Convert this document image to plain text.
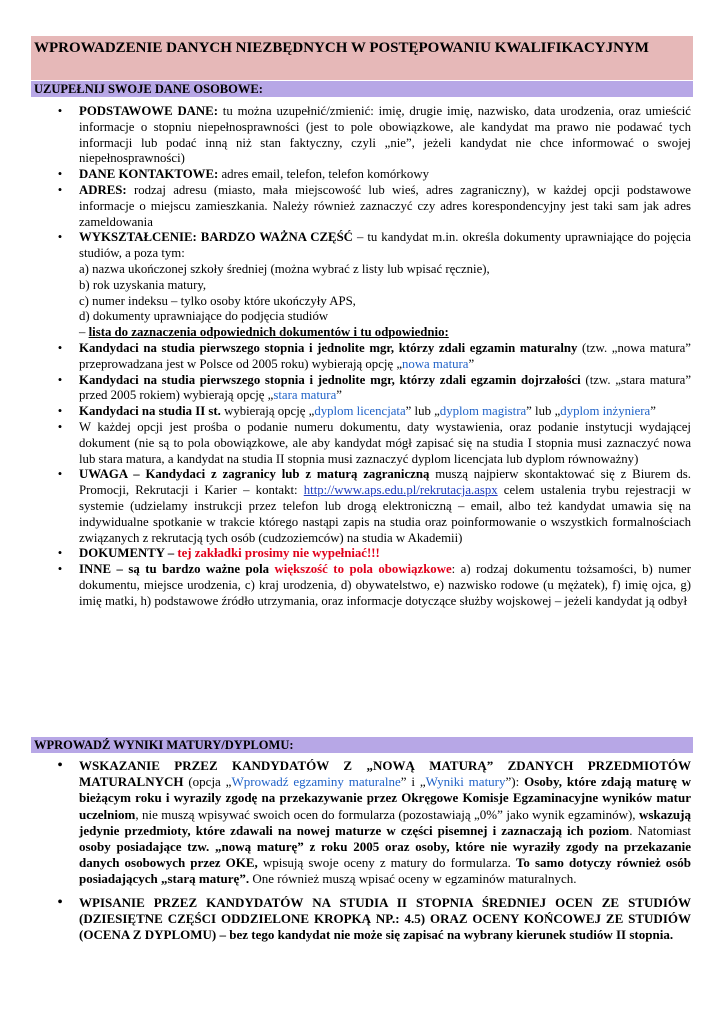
WPROWADZENIE DANYCH NIEZBĘDNYCH W POSTĘPOWANIU KWALIFIKACYJNYM
UZUPEŁNIJ SWOJE DANE OSOBOWE:
•	PODSTAWOWE DANE: tu można uzupełnić/zmienić: imię, drugie imię, nazwisko, data urodzenia, oraz umieścić informacje o stopniu niepełnosprawności (jest to pole obowiązkowe, ale kandydat ma prawo nie podawać tych informacji lub podać inną niż stan faktyczny, czyli „nie”, jeżeli kandydat nie chce informować o swojej niepełnosprawności)
•	DANE KONTAKTOWE: adres email, telefon, telefon komórkowy
•	ADRES: rodzaj adresu (miasto, mała miejscowość lub wieś, adres zagraniczny), w każdej opcji podstawowe informacje o miejscu zamieszkania. Należy również zaznaczyć czy adres korespondencyjny jest taki sam jak adres zameldowania
•	WYKSZTAŁCENIE: BARDZO WAŻNA CZĘŚĆ – tu kandydat m.in. określa dokumenty uprawniające do pojęcia studiów, a poza tym:
a) nazwa ukończonej szkoły średniej (można wybrać z listy lub wpisać ręcznie),
b) rok uzyskania matury,
c) numer indeksu – tylko osoby które ukończyły APS,
d) dokumenty uprawniające do podjęcia studiów
– lista do zaznaczenia odpowiednich dokumentów i tu odpowiednio:
•	Kandydaci na studia pierwszego stopnia i jednolite mgr, którzy zdali egzamin maturalny (tzw. „nowa matura” przeprowadzana jest w Polsce od 2005 roku) wybierają opcję „nowa matura”
•	Kandydaci na studia pierwszego stopnia i jednolite mgr, którzy zdali egzamin dojrzałości (tzw. „stara matura” przed 2005 rokiem) wybierają opcję „stara matura”
•	Kandydaci na studia II st. wybierają opcję „dyplom licencjata” lub „dyplom magistra” lub „dyplom inżyniera”
•	W każdej opcji jest prośba o podanie numeru dokumentu, daty wystawienia, oraz podanie instytucji wydającej dokument (nie są to pola obowiązkowe, ale aby kandydat mógł zapisać się na studia I stopnia musi zaznaczyć nowa lub stara matura, a kandydat na studia II stopnia musi zaznaczyć dyplom licencjata lub dyplom równoważny)
•	UWAGA – Kandydaci z zagranicy lub z maturą zagraniczną muszą najpierw skontaktować się z Biurem ds. Promocji, Rekrutacji i Karier – kontakt: http://www.aps.edu.pl/rekrutacja.aspx celem ustalenia trybu rejestracji w systemie (udzielamy instrukcji przez telefon lub drogą elektroniczną – email, albo też kandydat umawia się na indywidualne spotkanie w trakcie którego nastąpi zapis na studia oraz poinformowanie o wszystkich formalnościach związanych z rekrutacją tych osób (cudzoziemców) na studia w Akademii)
•	DOKUMENTY – tej zakładki prosimy nie wypełniać!!!
•	INNE – są tu bardzo ważne pola większość to pola obowiązkowe: a) rodzaj dokumentu tożsamości, b) numer dokumentu, miejsce urodzenia, c) kraj urodzenia, d) obywatelstwo, e) nazwisko rodowe (u mężatek), f) imię ojca, g) imię matki, h) podstawowe źródło utrzymania, oraz informacje dotyczące służby wojskowej – jeżeli kandydat ją odbył
WPROWADŹ WYNIKI MATURY/DYPLOMU:
•	WSKAZANIE PRZEZ KANDYDATÓW Z „NOWĄ MATURĄ” ZDANYCH PRZEDMIOTÓW MATURALNYCH (opcja „Wprowadź egzaminy maturalne” i „Wyniki matury”): Osoby, które zdają maturę w bieżącym roku i wyrazily zgodę na przekazywanie przez Okręgowe Komisje Egzaminacyjne wyników matur uczelniom, nie muszą wpisywać swoich ocen do formularza (pozostawiają „0%” jako wynik egzaminów), wskazują jedynie przedmioty, które zdawali na nowej maturze w części pisemnej i zaznaczają ich poziom. Natomiast osoby posiadające tzw. „nową maturę” z roku 2005 oraz osoby, które nie wyraziły zgody na przekazanie danych osobowych przez OKE, wpisują swoje oceny z matury do formularza. To samo dotyczy również osób posiadających „starą maturę”. One również muszą wpisać oceny w egzaminów maturalnych.
•	WPISANIE PRZEZ KANDYDATÓW NA STUDIA II STOPNIA ŚREDNIEJ OCEN ZE STUDIÓW (DZIESIĘTNE CZĘŚCI ODDZIELONE KROPKĄ NP.: 4.5) ORAZ OCENY KOŃCOWEJ ZE STUDIÓW (OCENA Z DYPLOMU) – bez tego kandydat nie może się zapisać na wybrany kierunek studiów II stopnia.
